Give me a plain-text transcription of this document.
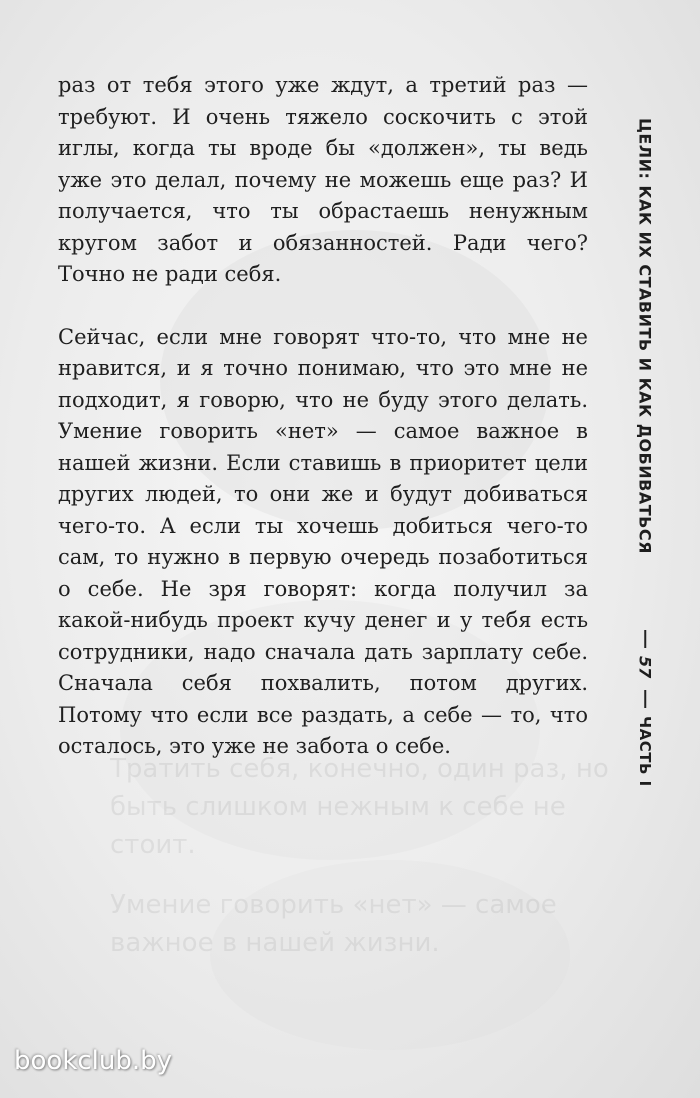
Тратить себя, конечно, один раз, но быть слишком нежным к себе не стоит.

Умение говорить «нет» — самое важное в нашей жизни.

раз от тебя этого уже ждут, а третий раз — требуют. И очень тяжело соскочить с этой иглы, когда ты вроде бы «должен», ты ведь уже это делал, почему не можешь еще раз? И получается, что ты обрастаешь ненужным кругом забот и обязанностей. Ради чего? Точно не ради себя.

Сейчас, если мне говорят что-то, что мне не нравится, и я точно понимаю, что это мне не подходит, я говорю, что не буду этого делать. Умение говорить «нет» — самое важное в нашей жизни. Если ставишь в приоритет цели других людей, то они же и будут добиваться чего-то. А если ты хочешь добиться чего-то сам, то нужно в первую очередь позаботиться о себе. Не зря говорят: когда получил за какой-нибудь проект кучу денег и у тебя есть сотрудники, надо сначала дать зарплату себе. Сначала себя похвалить, потом других. Потому что если все раздать, а себе — то, что осталось, это уже не забота о себе.

ЦЕЛИ: КАК ИХ СТАВИТЬ И КАК ДОБИВАТЬСЯ
57
ЧАСТЬ I
bookclub.by
